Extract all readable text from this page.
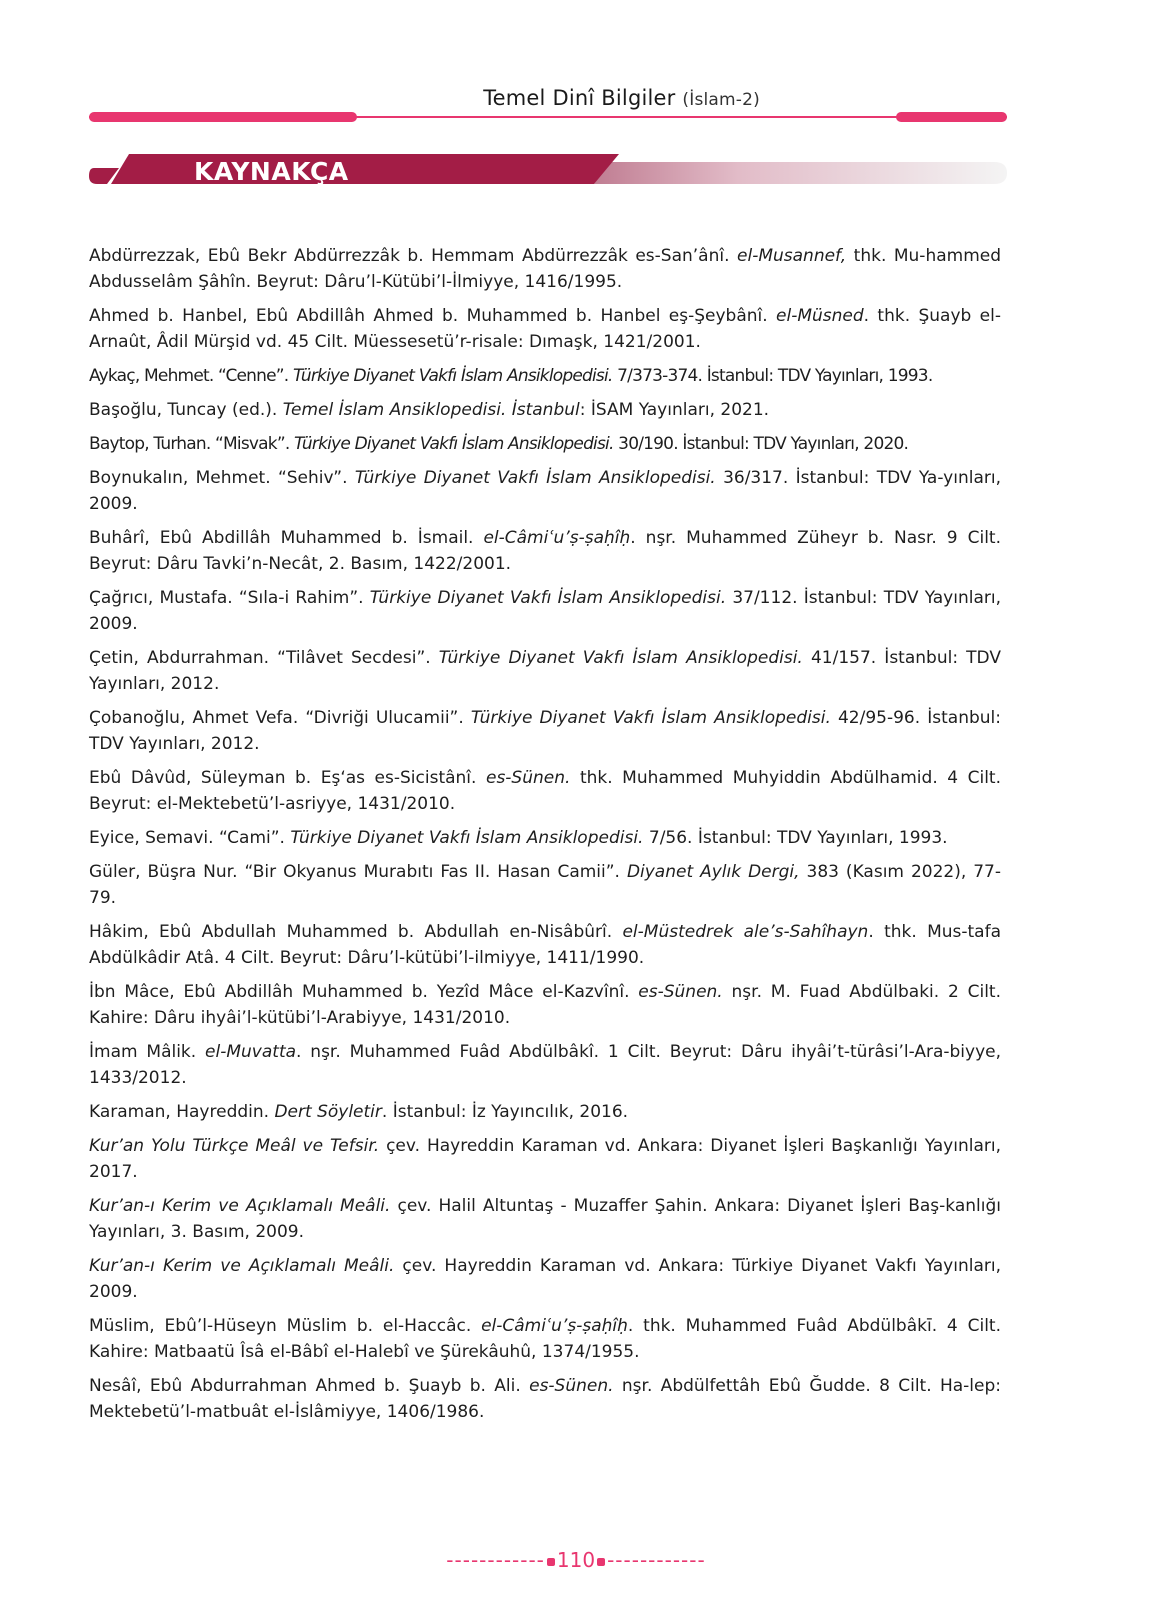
Temel Dinî Bilgiler (İslam-2)
KAYNAKÇA

Abdürrezzak, Ebû Bekr Abdürrezzâk b. Hemmam Abdürrezzâk es-San’ânî. el-Musannef, thk. Mu-hammed Abdusselâm Şâhîn. Beyrut: Dâru’l-Kütübi’l-İlmiyye, 1416/1995.

Ahmed b. Hanbel, Ebû Abdillâh Ahmed b. Muhammed b. Hanbel eş-Şeybânî. el-Müsned. thk. Şuayb el-Arnaût, Âdil Mürşid vd. 45 Cilt. Müessesetü’r-risale: Dımaşk, 1421/2001.

Aykaç, Mehmet. “Cenne”. Türkiye Diyanet Vakfı İslam Ansiklopedisi. 7/373-374. İstanbul: TDV Yayınları, 1993.

Başoğlu, Tuncay (ed.). Temel İslam Ansiklopedisi. İstanbul: İSAM Yayınları, 2021.

Baytop, Turhan. “Misvak”. Türkiye Diyanet Vakfı İslam Ansiklopedisi. 30/190. İstanbul: TDV Yayınları, 2020.

Boynukalın, Mehmet. “Sehiv”. Türkiye Diyanet Vakfı İslam Ansiklopedisi. 36/317. İstanbul: TDV Ya-yınları, 2009.

Buhârî, Ebû Abdillâh Muhammed b. İsmail. el-Câmiʿu’ṣ-ṣaḥîḥ. nşr. Muhammed Züheyr b. Nasr. 9 Cilt. Beyrut: Dâru Tavki’n-Necât, 2. Basım, 1422/2001.

Çağrıcı, Mustafa. “Sıla-i Rahim”. Türkiye Diyanet Vakfı İslam Ansiklopedisi. 37/112. İstanbul: TDV Yayınları, 2009.

Çetin, Abdurrahman. “Tilâvet Secdesi”. Türkiye Diyanet Vakfı İslam Ansiklopedisi. 41/157. İstanbul: TDV Yayınları, 2012.

Çobanoğlu, Ahmet Vefa. “Divriği Ulucamii”. Türkiye Diyanet Vakfı İslam Ansiklopedisi. 42/95-96. İstanbul: TDV Yayınları, 2012.

Ebû Dâvûd, Süleyman b. Eş‘as es-Sicistânî. es-Sünen. thk. Muhammed Muhyiddin Abdülhamid. 4 Cilt. Beyrut: el-Mektebetü’l-asriyye, 1431/2010.

Eyice, Semavi. “Cami”. Türkiye Diyanet Vakfı İslam Ansiklopedisi. 7/56. İstanbul: TDV Yayınları, 1993.

Güler, Büşra Nur. “Bir Okyanus Murabıtı Fas II. Hasan Camii”. Diyanet Aylık Dergi, 383 (Kasım 2022), 77-79.

Hâkim, Ebû Abdullah Muhammed b. Abdullah en-Nisâbûrî. el-Müstedrek ale’s-Sahîhayn. thk. Mus-tafa Abdülkâdir Atâ. 4 Cilt. Beyrut: Dâru’l-kütübi’l-ilmiyye, 1411/1990.

İbn Mâce, Ebû Abdillâh Muhammed b. Yezîd Mâce el-Kazvînî. es-Sünen. nşr. M. Fuad Abdülbaki. 2 Cilt. Kahire: Dâru ihyâi’l-kütübi’l-Arabiyye, 1431/2010.

İmam Mâlik. el-Muvatta. nşr. Muhammed Fuâd Abdülbâkî. 1 Cilt. Beyrut: Dâru ihyâi’t-türâsi’l-Ara-biyye, 1433/2012.

Karaman, Hayreddin. Dert Söyletir. İstanbul: İz Yayıncılık, 2016.

Kur’an Yolu Türkçe Meâl ve Tefsir. çev. Hayreddin Karaman vd. Ankara: Diyanet İşleri Başkanlığı Yayınları, 2017.

Kur’an-ı Kerim ve Açıklamalı Meâli. çev. Halil Altuntaş - Muzaffer Şahin. Ankara: Diyanet İşleri Baş-kanlığı Yayınları, 3. Basım, 2009.

Kur’an-ı Kerim ve Açıklamalı Meâli. çev. Hayreddin Karaman vd. Ankara: Türkiye Diyanet Vakfı Yayınları, 2009.

Müslim, Ebû’l-Hüseyn Müslim b. el-Haccâc. el-Câmiʿu’ṣ-ṣaḥîḥ. thk. Muhammed Fuâd Abdülbâkī. 4 Cilt. Kahire: Matbaatü Îsâ el-Bâbî el-Halebî ve Şürekâuhû, 1374/1955.

Nesâî, Ebû Abdurrahman Ahmed b. Şuayb b. Ali. es-Sünen. nşr. Abdülfettâh Ebû Ğudde. 8 Cilt. Ha-lep: Mektebetü’l-matbuât el-İslâmiyye, 1406/1986.

------------ 110 ------------
